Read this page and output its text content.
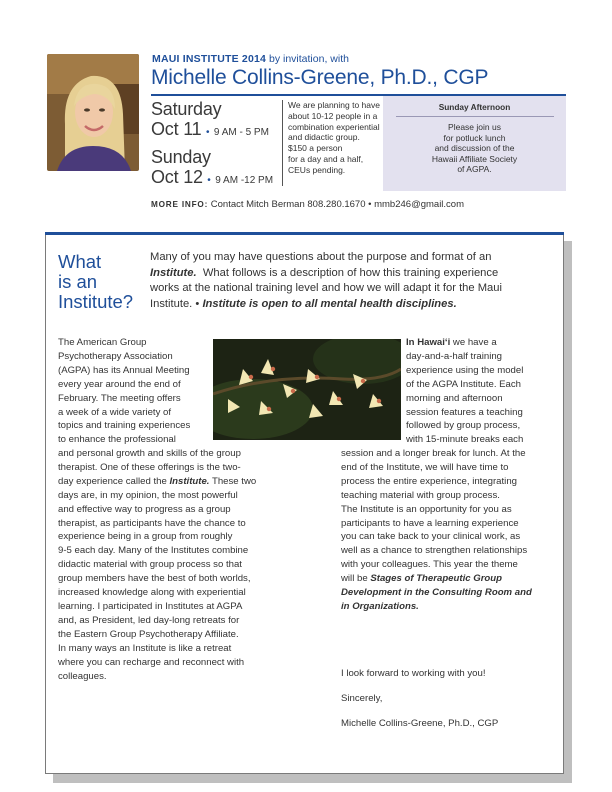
MAUI INSTITUTE 2014 by invitation, with
Michelle Collins-Greene, Ph.D., CGP
Saturday
Oct 11 • 9 AM - 5 PM
Sunday
Oct 12 • 9 AM -12 PM
We are planning to have
about 10-12 people in a
combination experiential
and didactic group.
$150 a person
for a day and a half,
CEUs pending.
Sunday Afternoon
Please join us
for potluck lunch
and discussion of the
Hawaii Affiliate Society
of AGPA.
MORE INFO: Contact Mitch Berman 808.280.1670 • mmb246@gmail.com
What
is an
Institute?
Many of you may have questions about the purpose and format of an
Institute. What follows is a description of how this training experience
works at the national training level and how we will adapt it for the Maui
Institute. • Institute is open to all mental health disciplines.
The American Group
Psychotherapy Association
(AGPA) has its Annual Meeting
every year around the end of
February. The meeting offers
a week of a wide variety of
topics and training experiences
to enhance the professional
and personal growth and skills of the group
therapist. One of these offerings is the two-
day experience called the Institute. These two
days are, in my opinion, the most powerful
and effective way to progress as a group
therapist, as participants have the chance to
experience being in a group from roughly
9-5 each day. Many of the Institutes combine
didactic material with group process so that
group members have the best of both worlds,
increased knowledge along with experiential
learning. I participated in Institutes at AGPA
and, as President, led day-long retreats for
the Eastern Group Psychotherapy Affiliate.
In many ways an Institute is like a retreat
where you can recharge and reconnect with
colleagues.
In Hawai‘i we have a
day-and-a-half training
experience using the model
of the AGPA Institute. Each
morning and afternoon
session features a teaching
followed by group process,
with 15-minute breaks each
session and a longer break for lunch. At the
end of the Institute, we will have time to
process the entire experience, integrating
teaching material with group process.
The Institute is an opportunity for you as
participants to have a learning experience
you can take back to your clinical work, as
well as a chance to strengthen relationships
with your colleagues. This year the theme
will be Stages of Therapeutic Group
Development in the Consulting Room and
in Organizations.
I look forward to working with you!
Sincerely,
Michelle Collins-Greene, Ph.D., CGP
